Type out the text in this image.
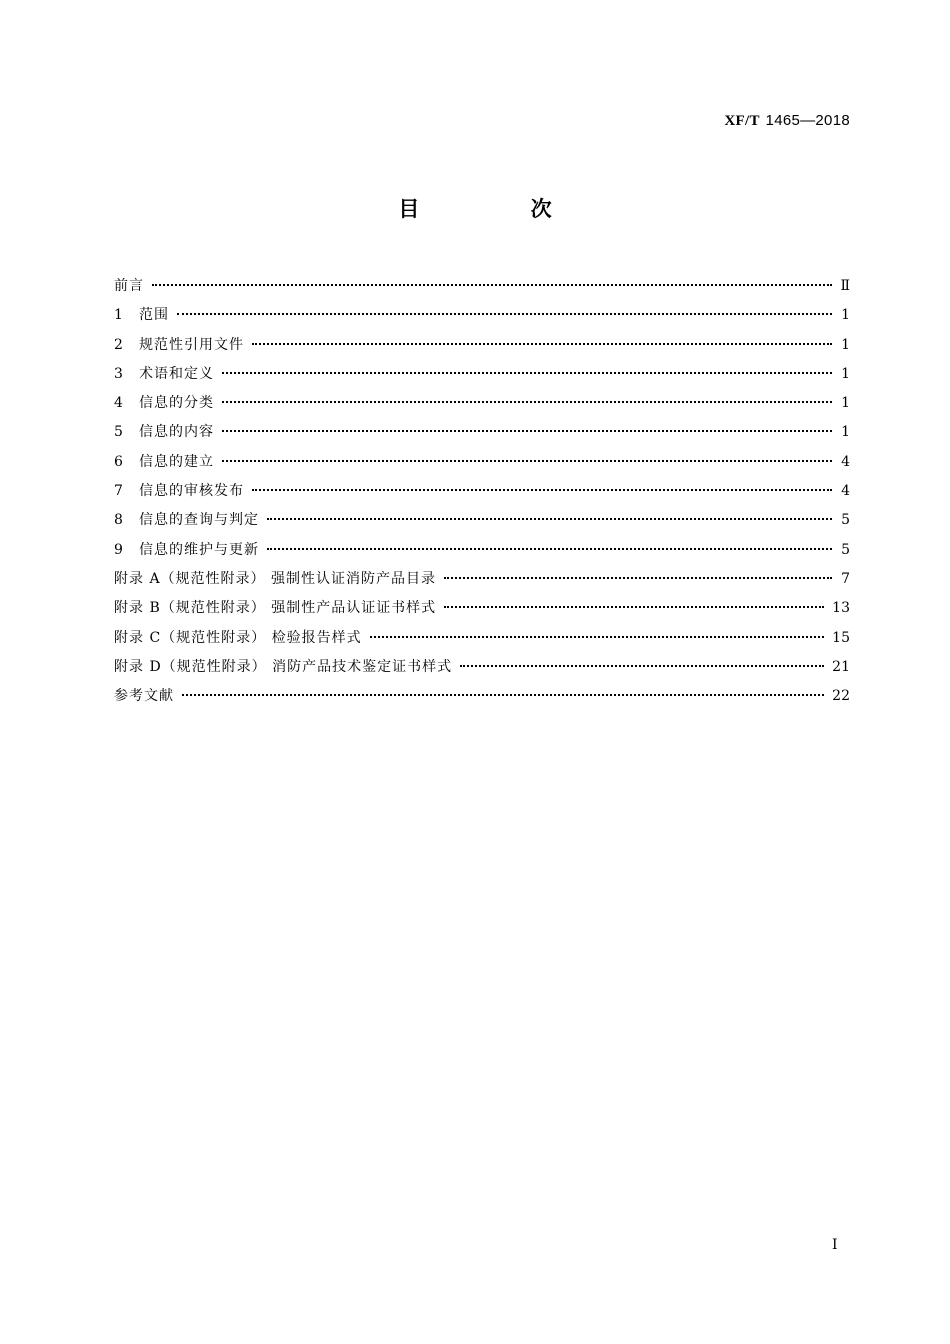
XF/T 1465—2018
目 次
前言	Ⅱ
1 范围	1
2 规范性引用文件	1
3 术语和定义	1
4 信息的分类	1
5 信息的内容	1
6 信息的建立	4
7 信息的审核发布	4
8 信息的查询与判定	5
9 信息的维护与更新	5
附录 A（规范性附录） 强制性认证消防产品目录	7
附录 B（规范性附录） 强制性产品认证证书样式	13
附录 C（规范性附录） 检验报告样式	15
附录 D（规范性附录） 消防产品技术鉴定证书样式	21
参考文献	22
Ⅰ
